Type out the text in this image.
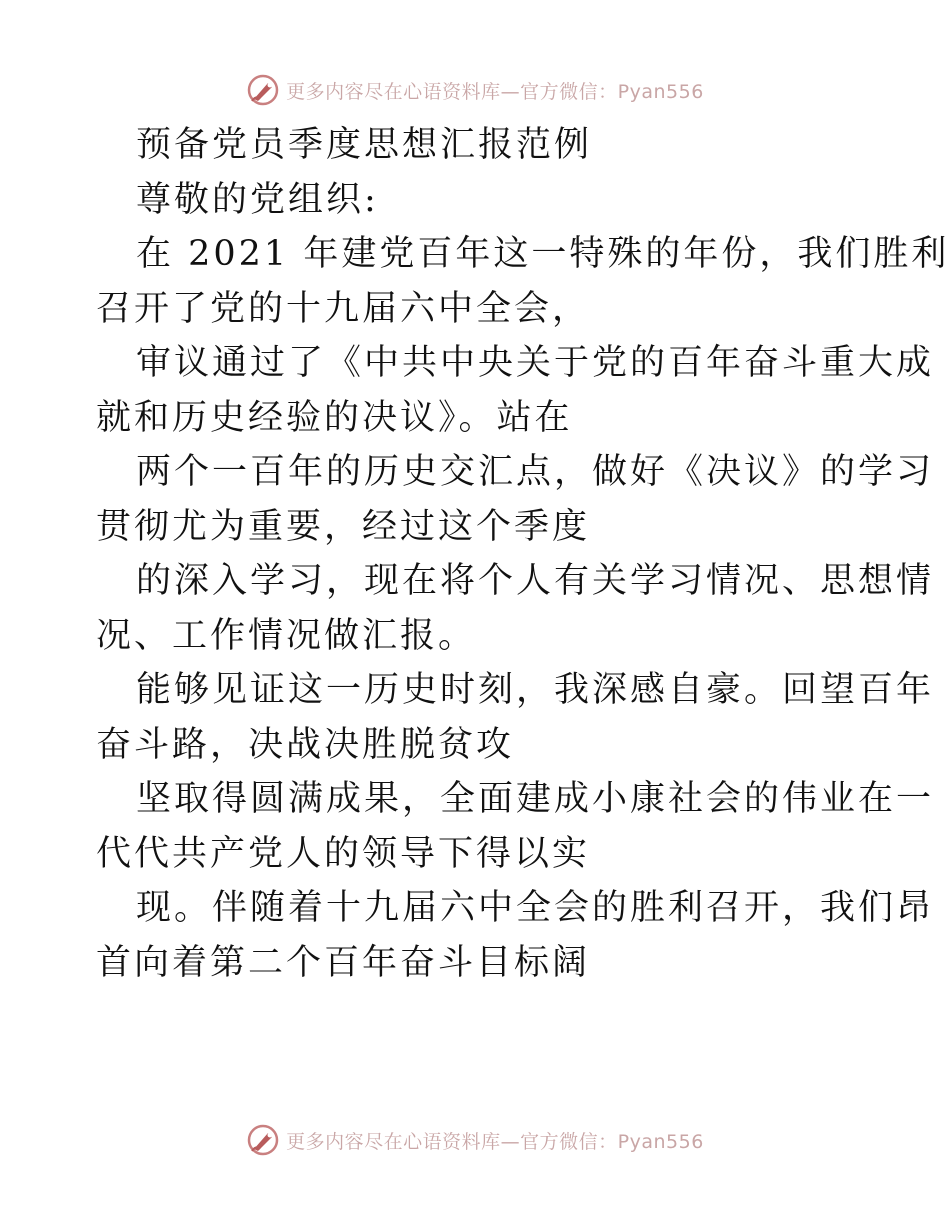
更多内容尽在心语资料库—官方微信：Pyan556
预备党员季度思想汇报范例
尊敬的党组织:
在 2021 年建党百年这一特殊的年份，我们胜利
召开了党的十九届六中全会，
审议通过了《中共中央关于党的百年奋斗重大成
就和历史经验的决议》。站在
两个一百年的历史交汇点，做好《决议》的学习
贯彻尤为重要，经过这个季度
的深入学习，现在将个人有关学习情况、思想情
况、工作情况做汇报。
能够见证这一历史时刻，我深感自豪。回望百年
奋斗路，决战决胜脱贫攻
坚取得圆满成果，全面建成小康社会的伟业在一
代代共产党人的领导下得以实
现。伴随着十九届六中全会的胜利召开，我们昂
首向着第二个百年奋斗目标阔
更多内容尽在心语资料库—官方微信：Pyan556
